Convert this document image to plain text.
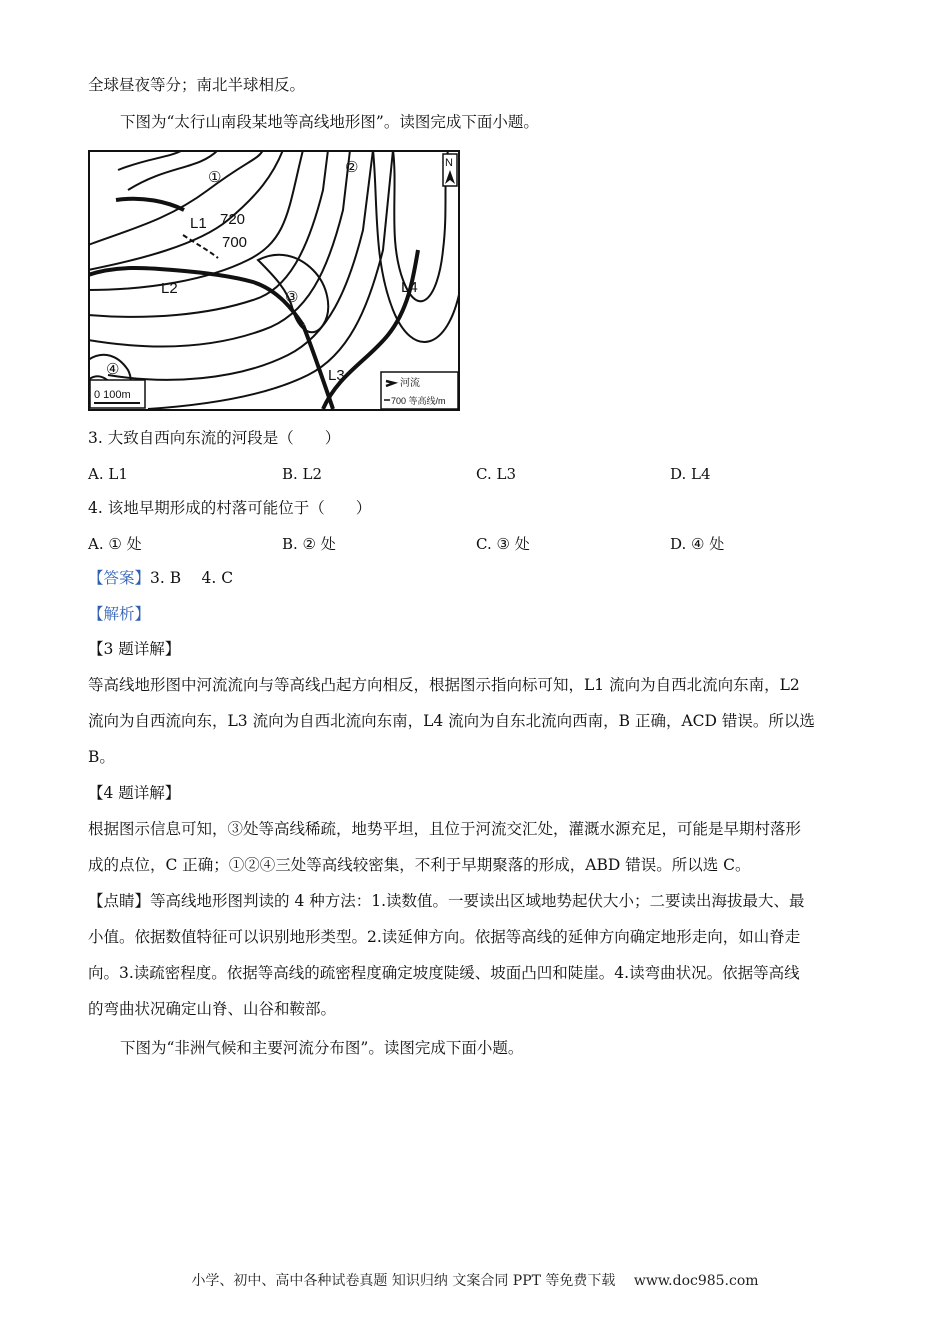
全球昼夜等分；南北半球相反。
下图为“太行山南段某地等高线地形图”。读图完成下面小题。
①
②
③
④
L1
L2
L3
L4
720
700
N
0 100m
河流
700 等高线/m
3. 大致自西向东流的河段是（　　）
A. L1	B. L2	C. L3	D. L4
4. 该地早期形成的村落可能位于（　　）
A. ① 处	B. ② 处	C. ③ 处	D. ④ 处
【答案】3. B　 4. C
【解析】
【3 题详解】
等高线地形图中河流流向与等高线凸起方向相反，根据图示指向标可知，L1 流向为自西北流向东南，L2
流向为自西流向东，L3 流向为自西北流向东南，L4 流向为自东北流向西南，B 正确，ACD 错误。所以选
B。
【4 题详解】
根据图示信息可知，③处等高线稀疏，地势平坦，且位于河流交汇处，灌溉水源充足，可能是早期村落形
成的点位，C 正确；①②④三处等高线较密集，不利于早期聚落的形成，ABD 错误。所以选 C。
【点睛】等高线地形图判读的 4 种方法：1.读数值。一要读出区域地势起伏大小；二要读出海拔最大、最
小值。依据数值特征可以识别地形类型。2.读延伸方向。依据等高线的延伸方向确定地形走向，如山脊走
向。3.读疏密程度。依据等高线的疏密程度确定坡度陡缓、坡面凸凹和陡崖。4.读弯曲状况。依据等高线
的弯曲状况确定山脊、山谷和鞍部。
下图为“非洲气候和主要河流分布图”。读图完成下面小题。
小学、初中、高中各种试卷真题 知识归纳 文案合同 PPT 等免费下载　 www.doc985.com
